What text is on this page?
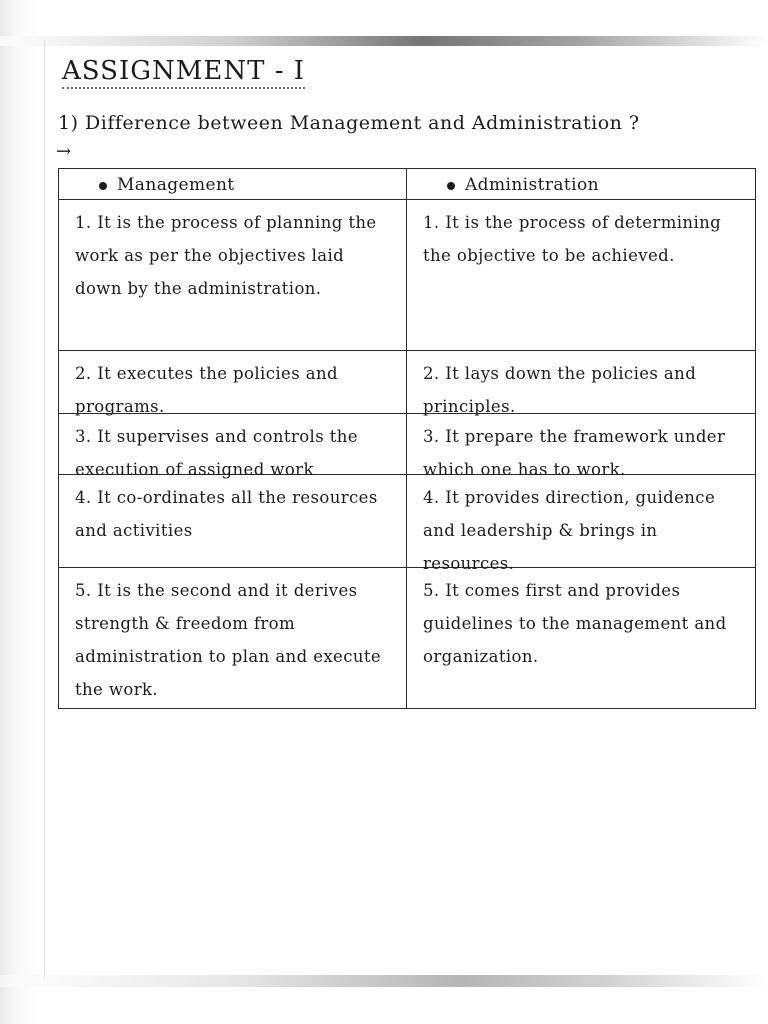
ASSIGNMENT - I
1) Difference between Management and Administration ?
→
Management	Administration
1. It is the process of planning the work as per the objectives laid down by the administration.
1. It is the process of determining the objective to be achieved.
2. It executes the policies and programs.
2. It lays down the policies and principles.
3. It supervises and controls the execution of assigned work
3. It prepare the framework under which one has to work.
4. It co-ordinates all the resources and activities
4. It provides direction, guidence and leadership & brings in resources.
5. It is the second and it derives strength & freedom from administration to plan and execute the work.
5. It comes first and provides guidelines to the management and organization.
